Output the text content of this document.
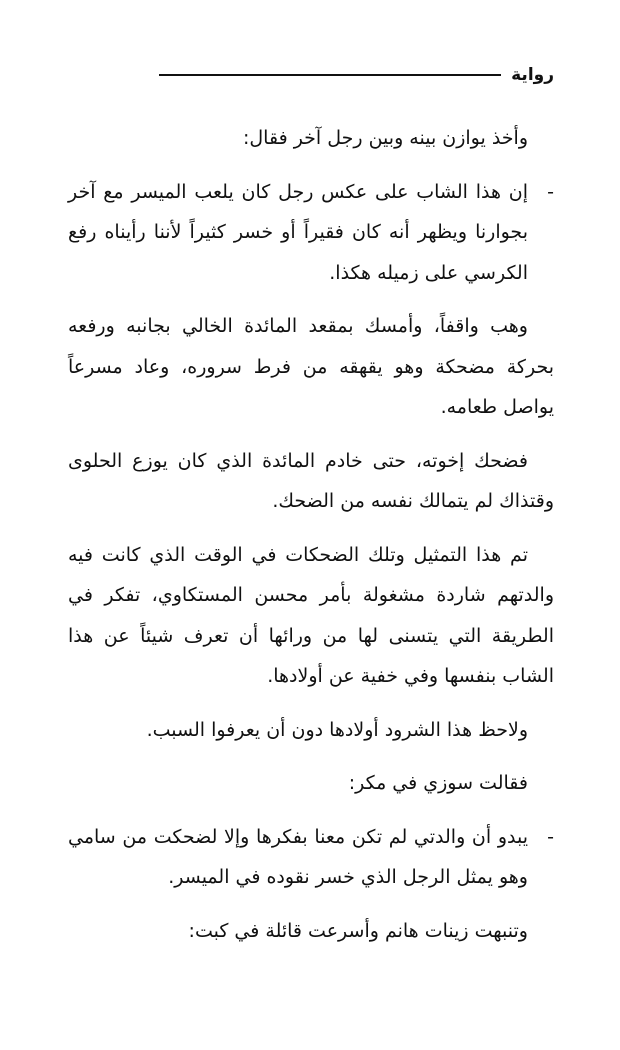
رواية

وأخذ يوازن بينه وبين رجل آخر فقال:

-
إن هذا الشاب على عكس رجل كان يلعب الميسر مع آخر بجوارنا ويظهر أنه كان فقيراً أو خسر كثيراً لأننا رأيناه رفع الكرسي على زميله هكذا.

وهب واقفاً، وأمسك بمقعد المائدة الخالي بجانبه ورفعه بحركة مضحكة وهو يقهقه من فرط سروره، وعاد مسرعاً يواصل طعامه.

فضحك إخوته، حتى خادم المائدة الذي كان يوزع الحلوى وقتذاك لم يتمالك نفسه من الضحك.

تم هذا التمثيل وتلك الضحكات في الوقت الذي كانت فيه والدتهم شاردة مشغولة بأمر محسن المستكاوي، تفكر في الطريقة التي يتسنى لها من ورائها أن تعرف شيئاً عن هذا الشاب بنفسها وفي خفية عن أولادها.

ولاحظ هذا الشرود أولادها دون أن يعرفوا السبب.

فقالت سوزي في مكر:

-
يبدو أن والدتي لم تكن معنا بفكرها وإلا لضحكت من سامي وهو يمثل الرجل الذي خسر نقوده في الميسر.

وتنبهت زينات هانم وأسرعت قائلة في كبت:
